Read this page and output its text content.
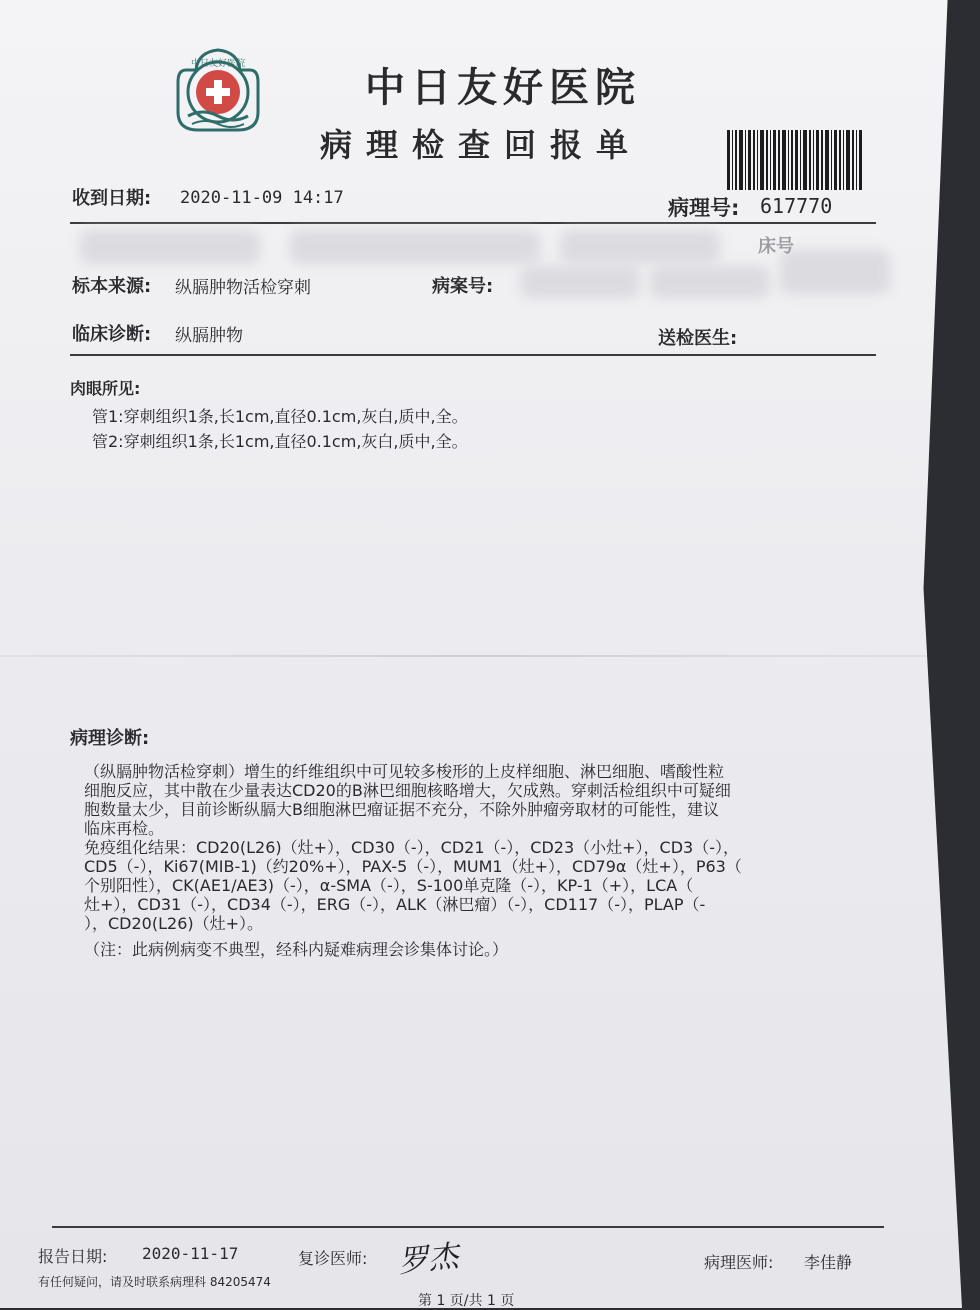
中日友好医院	中日友好医院
病理检查回报单
收到日期: 2020-11-09 14:17	病理号: 617770
床号
标本来源: 纵膈肿物活检穿刺	病案号:
临床诊断: 纵膈肿物	送检医生:
肉眼所见:
管1:穿刺组织1条,长1cm,直径0.1cm,灰白,质中,全。
管2:穿刺组织1条,长1cm,直径0.1cm,灰白,质中,全。
病理诊断:
（纵膈肿物活检穿刺）增生的纤维组织中可见较多梭形的上皮样细胞、淋巴细胞、嗜酸性粒
细胞反应，其中散在少量表达CD20的B淋巴细胞核略增大，欠成熟。穿刺活检组织中可疑细
胞数量太少，目前诊断纵膈大B细胞淋巴瘤证据不充分，不除外肿瘤旁取材的可能性，建议
临床再检。
免疫组化结果：CD20(L26)（灶+），CD30（-），CD21（-），CD23（小灶+），CD3（-），
CD5（-），Ki67(MIB-1)（约20%+），PAX-5（-），MUM1（灶+），CD79α（灶+），P63（
个别阳性），CK(AE1/AE3)（-），α-SMA（-），S-100单克隆（-），KP-1（+），LCA（
灶+），CD31（-），CD34（-），ERG（-），ALK（淋巴瘤）（-），CD117（-），PLAP（-
），CD20(L26)（灶+）。
（注：此病例病变不典型，经科内疑难病理会诊集体讨论。）
报告日期: 2020-11-17	复诊医师: 罗杰	病理医师: 李佳静
有任何疑问，请及时联系病理科 84205474
第 1 页/共 1 页
